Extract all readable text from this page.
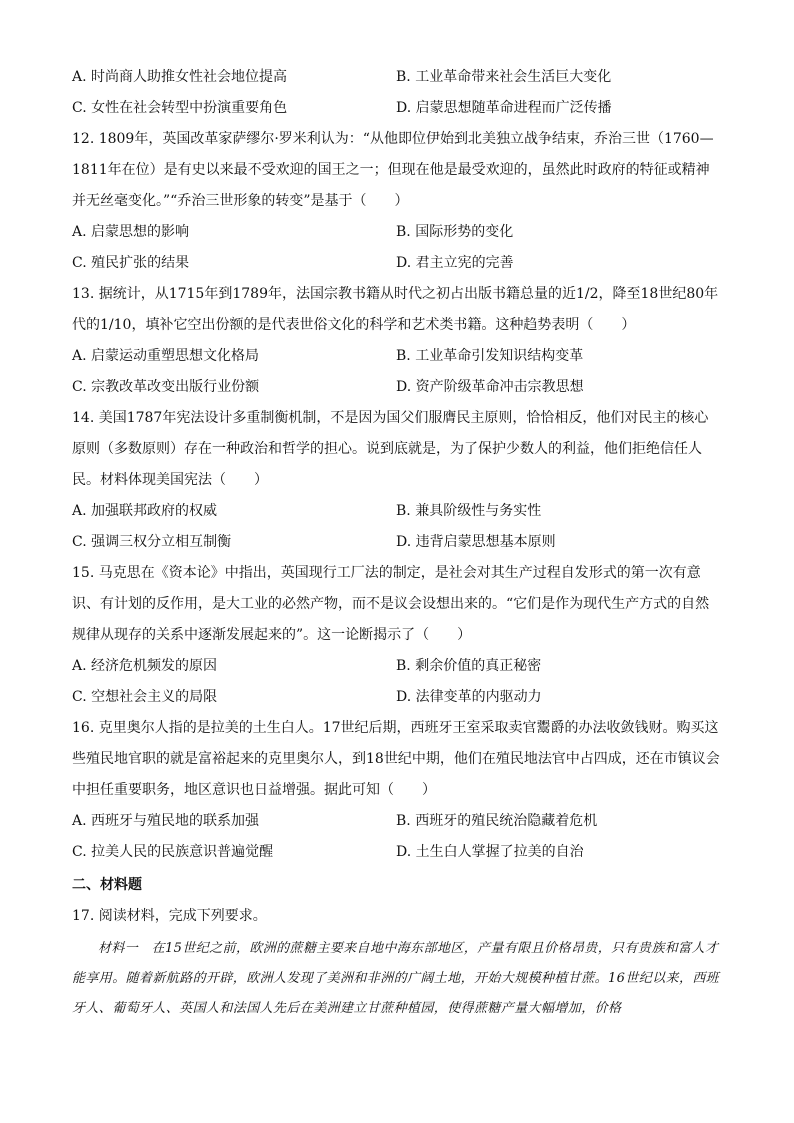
A. 时尚商人助推女性社会地位提高	B. 工业革命带来社会生活巨大变化
C. 女性在社会转型中扮演重要角色	D. 启蒙思想随革命进程而广泛传播
12. 1809年，英国改革家萨缪尔·罗米利认为：“从他即位伊始到北美独立战争结束，乔治三世（1760—1811年在位）是有史以来最不受欢迎的国王之一；但现在他是最受欢迎的，虽然此时政府的特征或精神并无丝毫变化。”“乔治三世形象的转变”是基于（　　）
A. 启蒙思想的影响	B. 国际形势的变化
C. 殖民扩张的结果	D. 君主立宪的完善
13. 据统计，从1715年到1789年，法国宗教书籍从时代之初占出版书籍总量的近1/2，降至18世纪80年代的1/10，填补它空出份额的是代表世俗文化的科学和艺术类书籍。这种趋势表明（　　）
A. 启蒙运动重塑思想文化格局	B. 工业革命引发知识结构变革
C. 宗教改革改变出版行业份额	D. 资产阶级革命冲击宗教思想
14. 美国1787年宪法设计多重制衡机制，不是因为国父们服膺民主原则，恰恰相反，他们对民主的核心原则（多数原则）存在一种政治和哲学的担心。说到底就是，为了保护少数人的利益，他们拒绝信任人民。材料体现美国宪法（　　）
A. 加强联邦政府的权威	B. 兼具阶级性与务实性
C. 强调三权分立相互制衡	D. 违背启蒙思想基本原则
15. 马克思在《资本论》中指出，英国现行工厂法的制定，是社会对其生产过程自发形式的第一次有意识、有计划的反作用，是大工业的必然产物，而不是议会设想出来的。“它们是作为现代生产方式的自然规律从现存的关系中逐渐发展起来的”。这一论断揭示了（　　）
A. 经济危机频发的原因	B. 剩余价值的真正秘密
C. 空想社会主义的局限	D. 法律变革的内驱动力
16. 克里奥尔人指的是拉美的土生白人。17世纪后期，西班牙王室采取卖官鬻爵的办法收敛钱财。购买这些殖民地官职的就是富裕起来的克里奥尔人，到18世纪中期，他们在殖民地法官中占四成，还在市镇议会中担任重要职务，地区意识也日益增强。据此可知（　　）
A. 西班牙与殖民地的联系加强	B. 西班牙的殖民统治隐藏着危机
C. 拉美人民的民族意识普遍觉醒	D. 土生白人掌握了拉美的自治
二、材料题
17. 阅读材料，完成下列要求。
材料一　在15世纪之前，欧洲的蔗糖主要来自地中海东部地区，产量有限且价格昂贵，只有贵族和富人才能享用。随着新航路的开辟，欧洲人发现了美洲和非洲的广阔土地，开始大规模种植甘蔗。16世纪以来，西班牙人、葡萄牙人、英国人和法国人先后在美洲建立甘蔗种植园，使得蔗糖产量大幅增加，价格
